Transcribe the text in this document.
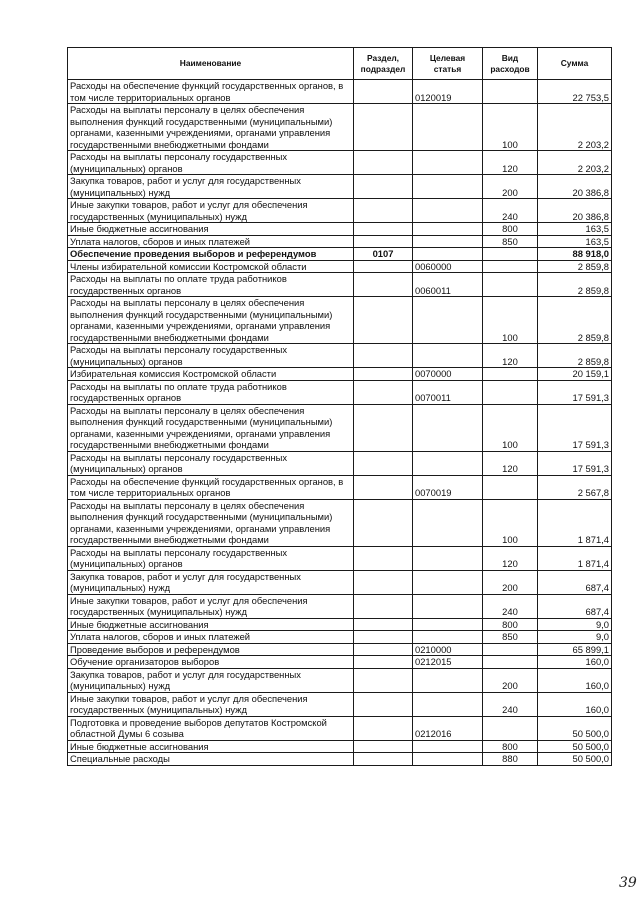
Наименование	Раздел, подраздел	Целевая статья	Вид расходов	Сумма
Расходы на обеспечение функций государственных органов, в том числе территориальных органов		0120019		22 753,5
Расходы на выплаты персоналу в целях обеспечения выполнения функций государственными (муниципальными) органами, казенными учреждениями, органами управления государственными внебюджетными фондами			100	2 203,2
Расходы на выплаты персоналу государственных (муниципальных) органов			120	2 203,2
Закупка товаров, работ и услуг для государственных (муниципальных) нужд			200	20 386,8
Иные закупки товаров, работ и услуг для обеспечения государственных (муниципальных) нужд			240	20 386,8
Иные бюджетные ассигнования			800	163,5
Уплата налогов, сборов и иных платежей			850	163,5
Обеспечение проведения выборов и референдумов	0107			88 918,0
Члены избирательной комиссии Костромской области		0060000		2 859,8
Расходы на выплаты по оплате труда работников государственных органов		0060011		2 859,8
Расходы на выплаты персоналу в целях обеспечения выполнения функций государственными (муниципальными) органами, казенными учреждениями, органами управления государственными внебюджетными фондами			100	2 859,8
Расходы на выплаты персоналу государственных (муниципальных) органов			120	2 859,8
Избирательная комиссия Костромской области		0070000		20 159,1
Расходы на выплаты по оплате труда работников государственных органов		0070011		17 591,3
Расходы на выплаты персоналу в целях обеспечения выполнения функций государственными (муниципальными) органами, казенными учреждениями, органами управления государственными внебюджетными фондами			100	17 591,3
Расходы на выплаты персоналу государственных (муниципальных) органов			120	17 591,3
Расходы на обеспечение функций государственных органов, в том числе территориальных органов		0070019		2 567,8
Расходы на выплаты персоналу в целях обеспечения выполнения функций государственными (муниципальными) органами, казенными учреждениями, органами управления государственными внебюджетными фондами			100	1 871,4
Расходы на выплаты персоналу государственных (муниципальных) органов			120	1 871,4
Закупка товаров, работ и услуг для государственных (муниципальных) нужд			200	687,4
Иные закупки товаров, работ и услуг для обеспечения государственных (муниципальных) нужд			240	687,4
Иные бюджетные ассигнования			800	9,0
Уплата налогов, сборов и иных платежей			850	9,0
Проведение выборов и референдумов		0210000		65 899,1
Обучение организаторов выборов		0212015		160,0
Закупка товаров, работ и услуг для государственных (муниципальных) нужд			200	160,0
Иные закупки товаров, работ и услуг для обеспечения государственных (муниципальных) нужд			240	160,0
Подготовка и проведение выборов депутатов Костромской областной Думы 6 созыва		0212016		50 500,0
Иные бюджетные ассигнования			800	50 500,0
Специальные расходы			880	50 500,0
39
